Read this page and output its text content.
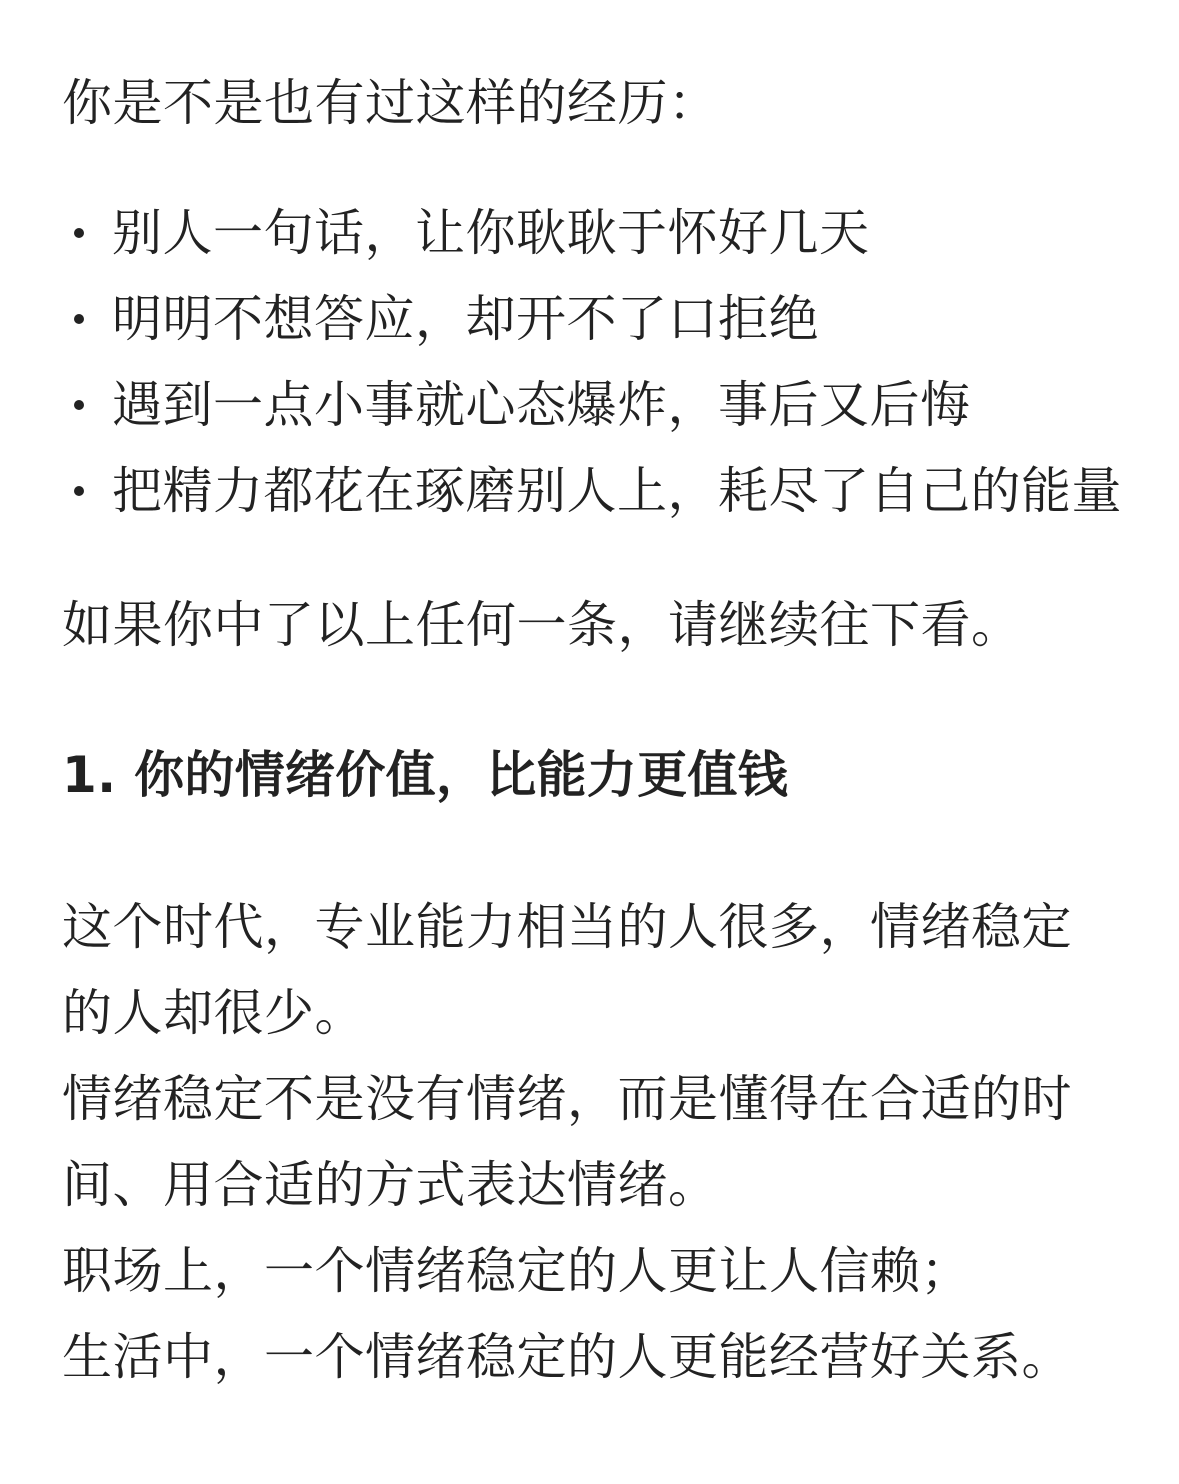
你是不是也有过这样的经历：

别人一句话，让你耿耿于怀好几天
明明不想答应，却开不了口拒绝
遇到一点小事就心态爆炸，事后又后悔
把精力都花在琢磨别人上，耗尽了自己的能量

如果你中了以上任何一条，请继续往下看。

1. 你的情绪价值，比能力更值钱

这个时代，专业能力相当的人很多，情绪稳定的人却很少。

情绪稳定不是没有情绪，而是懂得在合适的时间、用合适的方式表达情绪。

职场上，一个情绪稳定的人更让人信赖；

生活中，一个情绪稳定的人更能经营好关系。
